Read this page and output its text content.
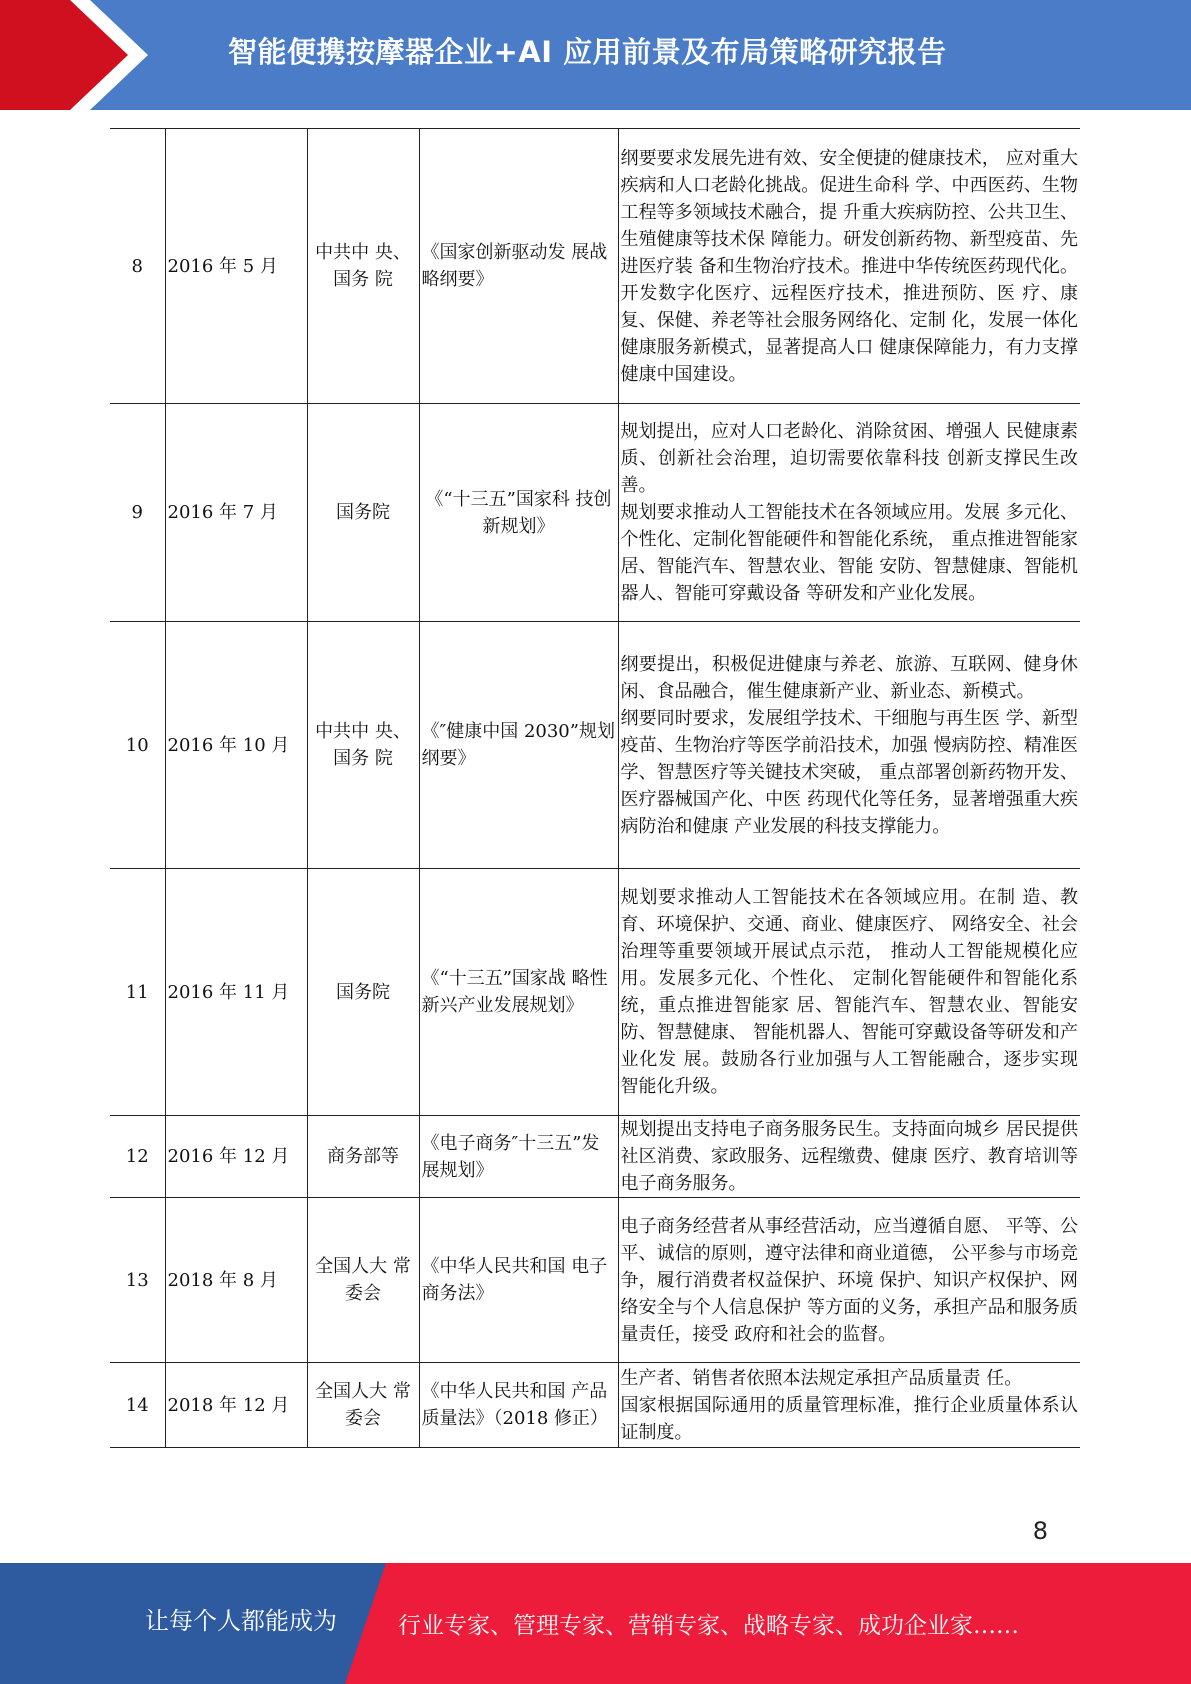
智能便携按摩器企业+AI 应用前景及布局策略研究报告
8	2016 年 5 月	中共中 央、国务 院	《国家创新驱动发 展战略纲要》	纲要要求发展先进有效、安全便捷的健康技术， 应对重大疾病和人口老龄化挑战。促进生命科 学、中西医药、生物工程等多领域技术融合，提 升重大疾病防控、公共卫生、生殖健康等技术保 障能力。研发创新药物、新型疫苗、先进医疗装 备和生物治疗技术。推进中华传统医药现代化。 开发数字化医疗、远程医疗技术，推进预防、医 疗、康复、保健、养老等社会服务网络化、定制 化，发展一体化健康服务新模式，显著提高人口 健康保障能力，有力支撑健康中国建设。
9	2016 年 7 月	国务院	《“十三五”国家科 技创新规划》	规划提出，应对人口老龄化、消除贫困、增强人 民健康素质、创新社会治理，迫切需要依靠科技 创新支撑民生改善。
规划要求推动人工智能技术在各领域应用。发展 多元化、个性化、定制化智能硬件和智能化系统， 重点推进智能家居、智能汽车、智慧农业、智能 安防、智慧健康、智能机器人、智能可穿戴设备 等研发和产业化发展。
10	2016 年 10 月	中共中 央、国务 院	《″健康中国 2030”规划纲要》	纲要提出，积极促进健康与养老、旅游、互联网、健身休闲、食品融合，催生健康新产业、新业态、新模式。
纲要同时要求，发展组学技术、干细胞与再生医 学、新型疫苗、生物治疗等医学前沿技术，加强 慢病防控、精准医学、智慧医疗等关键技术突破， 重点部署创新药物开发、医疗器械国产化、中医 药现代化等任务，显著增强重大疾病防治和健康 产业发展的科技支撑能力。
11	2016 年 11 月	国务院	《“十三五”国家战 略性新兴产业发展规划》	规划要求推动人工智能技术在各领域应用。在制 造、教育、环境保护、交通、商业、健康医疗、 网络安全、社会治理等重要领域开展试点示范， 推动人工智能规模化应用。发展多元化、个性化、 定制化智能硬件和智能化系统，重点推进智能家 居、智能汽车、智慧农业、智能安防、智慧健康、 智能机器人、智能可穿戴设备等研发和产业化发 展。鼓励各行业加强与人工智能融合，逐步实现 智能化升级。
12	2016 年 12 月	商务部等	《电子商务″十三五”发展规划》	规划提出支持电子商务服务民生。支持面向城乡 居民提供社区消费、家政服务、远程缴费、健康 医疗、教育培训等电子商务服务。
13	2018 年 8 月	全国人大 常委会	《中华人民共和国 电子商务法》	电子商务经营者从事经营活动，应当遵循自愿、 平等、公平、诚信的原则，遵守法律和商业道德， 公平参与市场竞争，履行消费者权益保护、环境 保护、知识产权保护、网络安全与个人信息保护 等方面的义务，承担产品和服务质量责任，接受 政府和社会的监督。
14	2018 年 12 月	全国人大 常委会	《中华人民共和国 产品质量法》（2018 修正）	生产者、销售者依照本法规定承担产品质量责 任。
国家根据国际通用的质量管理标准，推行企业质量体系认证制度。
8
让每个人都能成为	行业专家、管理专家、营销专家、战略专家、成功企业家……
